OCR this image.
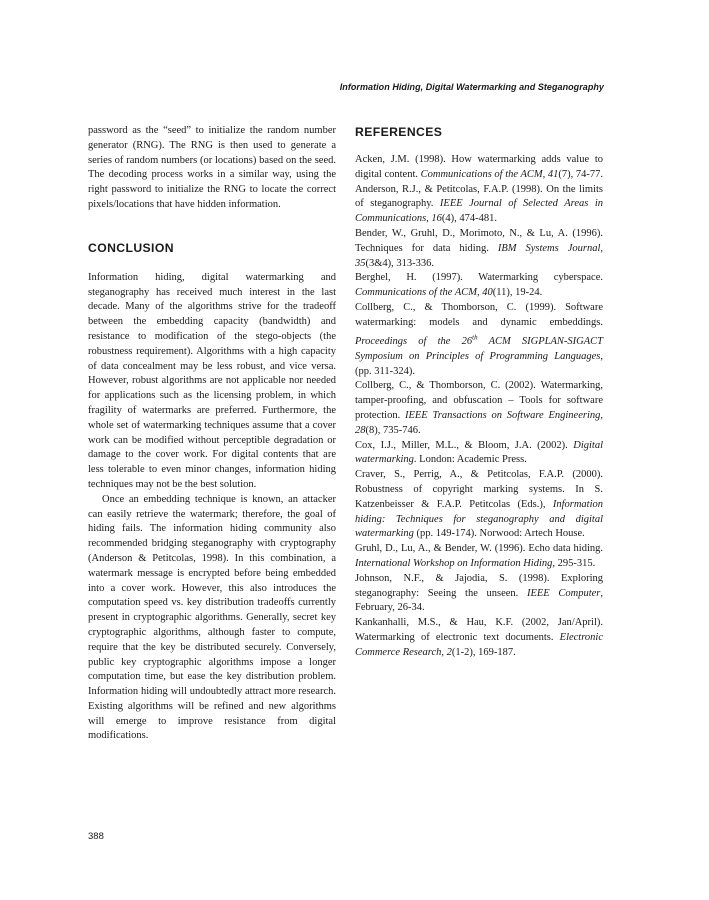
Information Hiding, Digital Watermarking and Steganography

password as the “seed” to initialize the random number generator (RNG). The RNG is then used to generate a series of random numbers (or locations) based on the seed. The decoding process works in a similar way, using the right password to initialize the RNG to locate the correct pixels/locations that have hidden information.

CONCLUSION

Information hiding, digital watermarking and steganography has received much interest in the last decade. Many of the algorithms strive for the tradeoff between the embedding capacity (bandwidth) and resistance to modification of the stego-objects (the robustness requirement). Algorithms with a high capacity of data concealment may be less robust, and vice versa. However, robust algorithms are not applicable nor needed for applications such as the licensing problem, in which fragility of watermarks are preferred. Furthermore, the whole set of watermarking techniques assume that a cover work can be modified without perceptible degradation or damage to the cover work. For digital contents that are less tolerable to even minor changes, information hiding techniques may not be the best solution.

Once an embedding technique is known, an attacker can easily retrieve the watermark; therefore, the goal of hiding fails. The information hiding community also recommended bridging steganography with cryptography (Anderson & Petitcolas, 1998). In this combination, a watermark message is encrypted before being embedded into a cover work. However, this also introduces the computation speed vs. key distribution tradeoffs currently present in cryptographic algorithms. Generally, secret key cryptographic algorithms, although faster to compute, require that the key be distributed securely. Conversely, public key cryptographic algorithms impose a longer computation time, but ease the key distribution problem. Information hiding will undoubtedly attract more research. Existing algorithms will be refined and new algorithms will emerge to improve resistance from digital modifications.

REFERENCES

Acken, J.M. (1998). How watermarking adds value to digital content. Communications of the ACM, 41(7), 74-77.

Anderson, R.J., & Petitcolas, F.A.P. (1998). On the limits of steganography. IEEE Journal of Selected Areas in Communications, 16(4), 474-481.

Bender, W., Gruhl, D., Morimoto, N., & Lu, A. (1996). Techniques for data hiding. IBM Systems Journal, 35(3&4), 313-336.

Berghel, H. (1997). Watermarking cyberspace. Communications of the ACM, 40(11), 19-24.

Collberg, C., & Thomborson, C. (1999). Software watermarking: models and dynamic embeddings. Proceedings of the 26th ACM SIGPLAN-SIGACT Symposium on Principles of Programming Languages, (pp. 311-324).

Collberg, C., & Thomborson, C. (2002). Watermarking, tamper-proofing, and obfuscation – Tools for software protection. IEEE Transactions on Software Engineering, 28(8), 735-746.

Cox, I.J., Miller, M.L., & Bloom, J.A. (2002). Digital watermarking. London: Academic Press.

Craver, S., Perrig, A., & Petitcolas, F.A.P. (2000). Robustness of copyright marking systems. In S. Katzenbeisser & F.A.P. Petitcolas (Eds.), Information hiding: Techniques for steganography and digital watermarking (pp. 149-174). Norwood: Artech House.

Gruhl, D., Lu, A., & Bender, W. (1996). Echo data hiding. International Workshop on Information Hiding, 295-315.

Johnson, N.F., & Jajodia, S. (1998). Exploring steganography: Seeing the unseen. IEEE Computer, February, 26-34.

Kankanhalli, M.S., & Hau, K.F. (2002, Jan/April). Watermarking of electronic text documents. Electronic Commerce Research, 2(1-2), 169-187.

388
